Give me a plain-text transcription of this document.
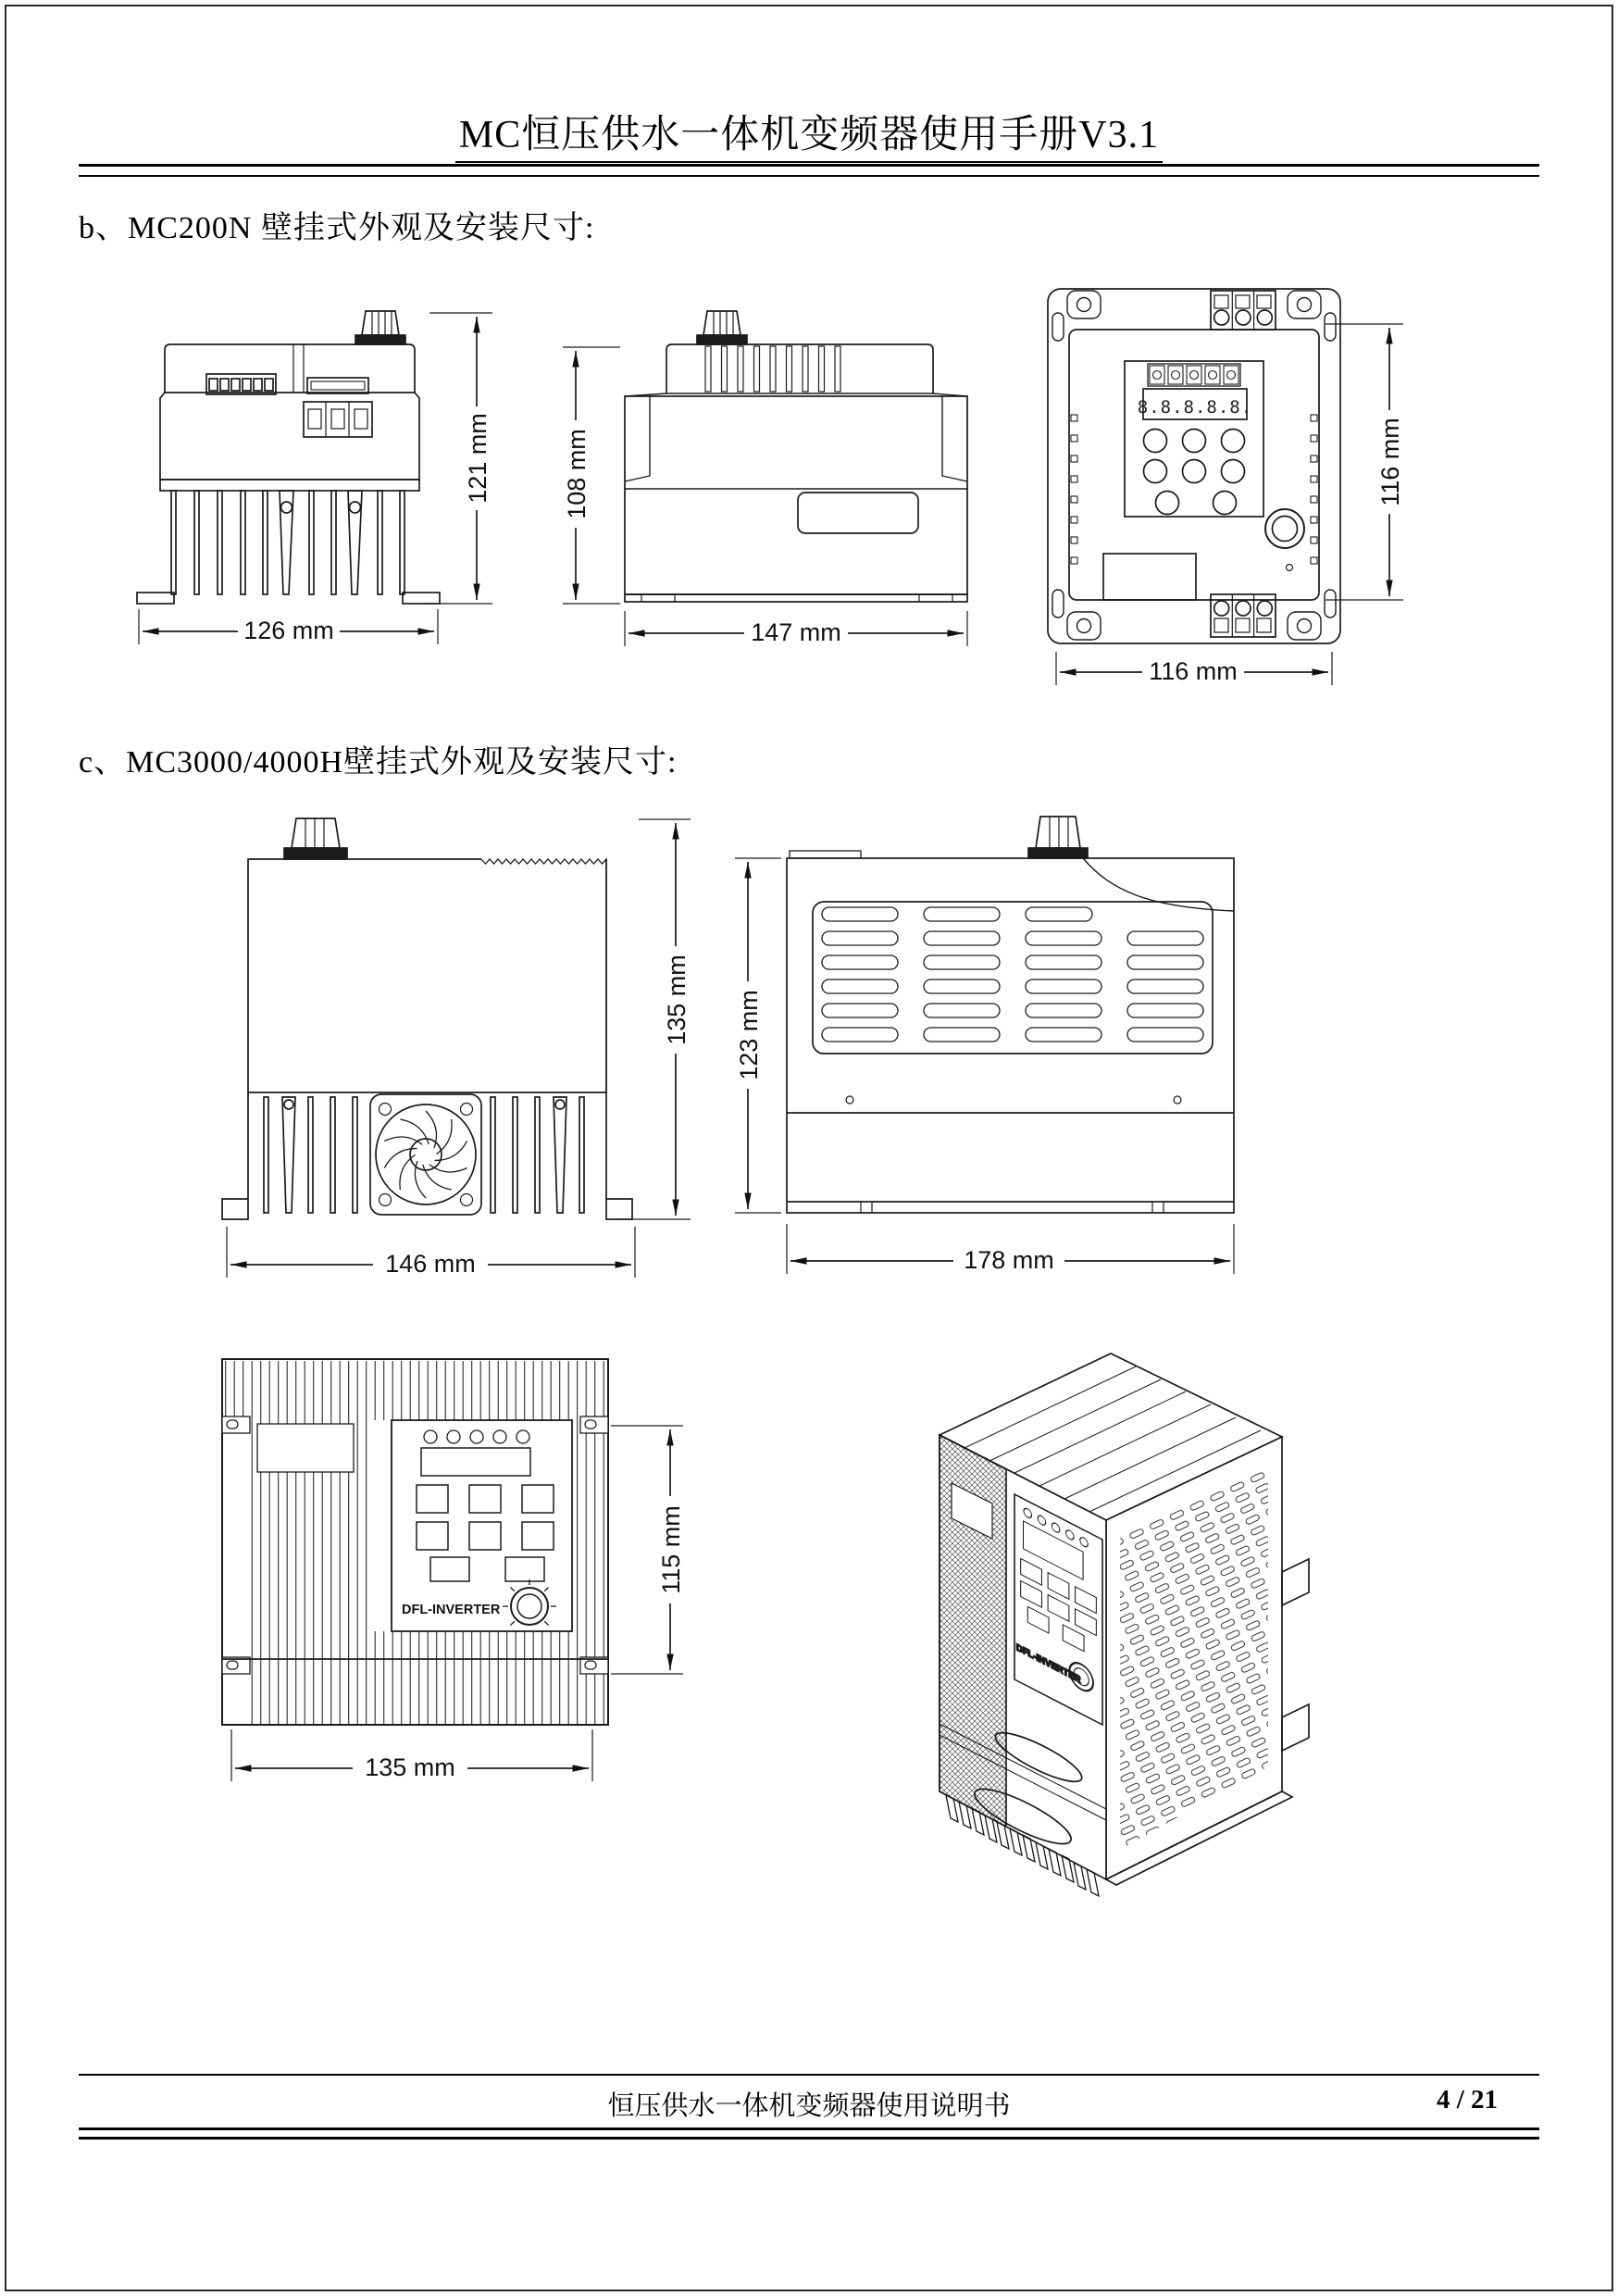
MC恒压供水一体机变频器使用手册V3.1
b、MC200N 壁挂式外观及安装尺寸:
121 mm
126 mm
108 mm
147 mm
8.8.8.8.8.
116 mm
116 mm
c、MC3000/4000H壁挂式外观及安装尺寸:
135 mm
146 mm
123 mm
178 mm
DFL-INVERTER
115 mm
135 mm
DFL-INVERTER
恒压供水一体机变频器使用说明书	4 / 21
